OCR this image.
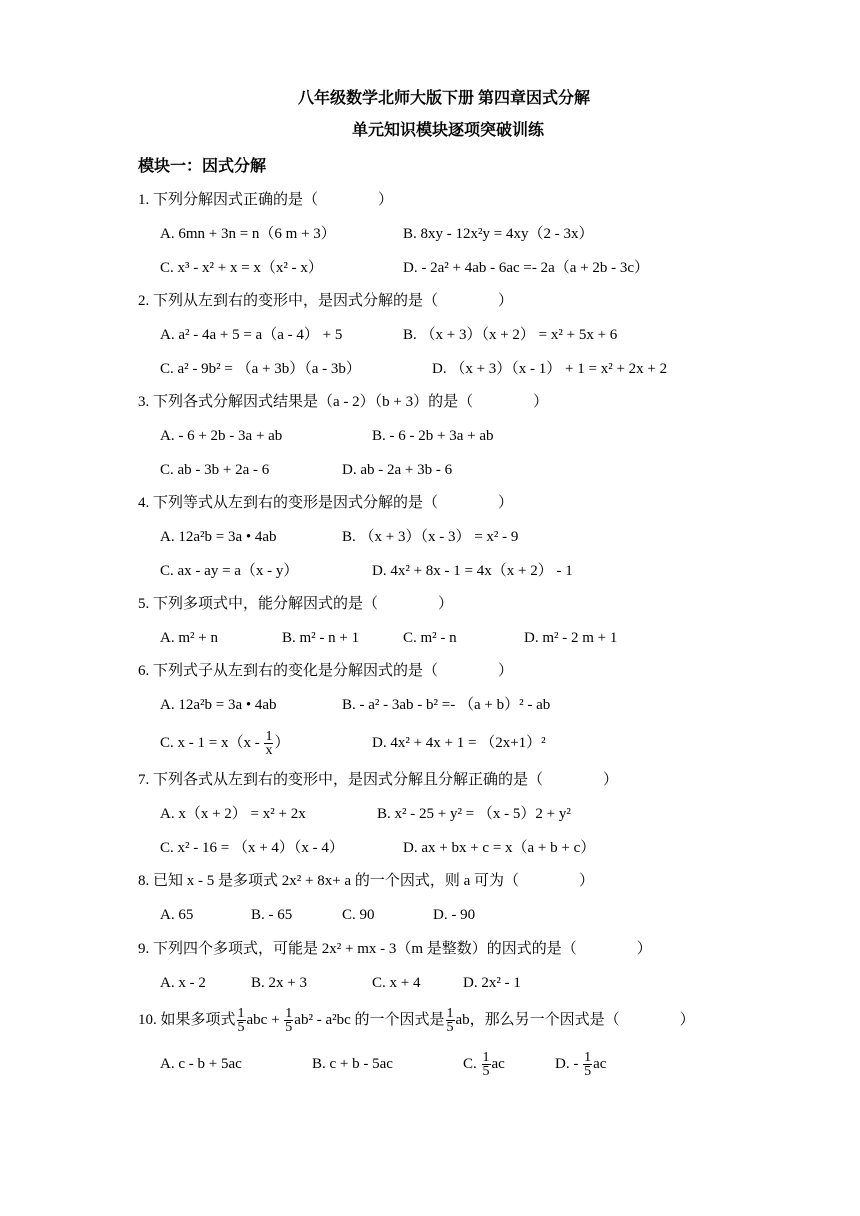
八年级数学北师大版下册 第四章因式分解
单元知识模块逐项突破训练
模块一：因式分解
1. 下列分解因式正确的是（　　　　）
A. 6mn + 3n = n（6 m + 3）	B. 8xy - 12x²y = 4xy（2 - 3x）
C. x³ - x² + x = x（x² - x）	D. - 2a² + 4ab - 6ac =- 2a（a + 2b - 3c）
2. 下列从左到右的变形中，是因式分解的是（　　　　）
A. a² - 4a + 5 = a（a - 4） + 5	B. （x + 3）（x + 2） = x² + 5x + 6
C. a² - 9b² = （a + 3b）（a - 3b）	D. （x + 3）（x - 1） + 1 = x² + 2x + 2
3. 下列各式分解因式结果是（a - 2）（b + 3）的是（　　　　）
A. - 6 + 2b - 3a + ab	B. - 6 - 2b + 3a + ab
C. ab - 3b + 2a - 6	D. ab - 2a + 3b - 6
4. 下列等式从左到右的变形是因式分解的是（　　　　）
A. 12a²b = 3a • 4ab	B. （x + 3）（x - 3） = x² - 9
C. ax - ay = a（x - y）	D. 4x² + 8x - 1 = 4x（x + 2） - 1
5. 下列多项式中，能分解因式的是（　　　　）
A. m² + n	B. m² - n + 1	C. m² - n	D. m² - 2 m + 1
6. 下列式子从左到右的变化是分解因式的是（　　　　）
A. 12a²b = 3a • 4ab	B. - a² - 3ab - b² =- （a + b）² - ab
C. $x - 1 = x(x - \frac{1}{x}$ ）	D. 4x² + 4x + 1 = （2x+1）²
7. 下列各式从左到右的变形中，是因式分解且分解正确的是（　　　　）
A. x（x + 2） = x² + 2x	B. x² - 25 + y² = （x - 5）2 + y²
C. x² - 16 = （x + 4）（x - 4）	D. ax + bx + c = x（a + b + c）
8. 已知 x - 5 是多项式 2x² + 8x+ a 的一个因式，则 a 可为（　　　　）
A. 65	B. - 65	C. 90	D. - 90
9. 下列四个多项式，可能是 2x² + mx - 3（m 是整数）的因式的是（　　　　）
A. x - 2	B. 2x + 3	C. x + 4	D. 2x² - 1
10. 如果多项式 $\frac{1}{5}$ abc + $\frac{1}{5} ab^2 - a^2bc$ 的一个因式是 $\frac{1}{5}$ ab，那么另一个因式是（　　　　）
A. c - b + 5ac	B. c + b - 5ac	C. $\frac{1}{5}$ ac	D. - $\frac{1}{5}$ ac
